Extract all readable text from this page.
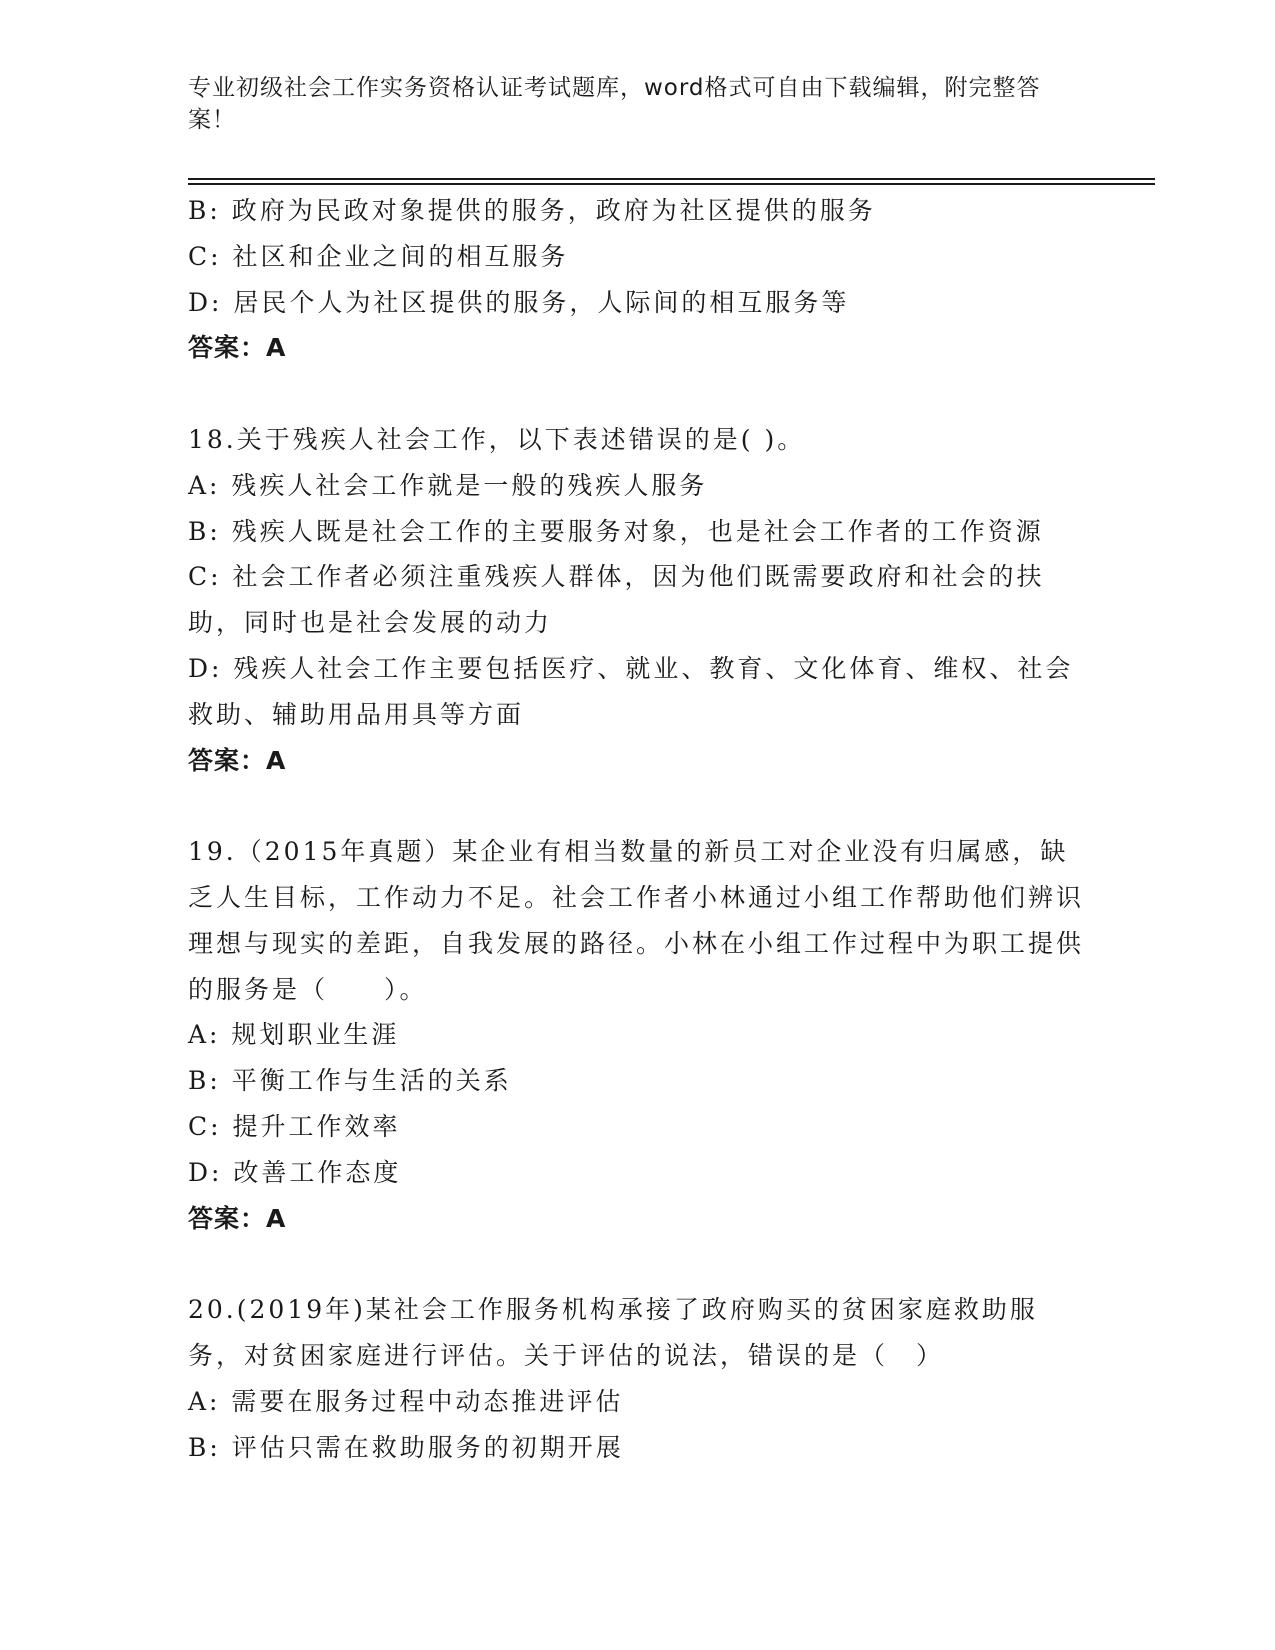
专业初级社会工作实务资格认证考试题库，word格式可自由下载编辑，附完整答案！

B: 政府为民政对象提供的服务，政府为社区提供的服务

C: 社区和企业之间的相互服务

D: 居民个人为社区提供的服务，人际间的相互服务等

答案：A

18.关于残疾人社会工作，以下表述错误的是( )。

A: 残疾人社会工作就是一般的残疾人服务

B: 残疾人既是社会工作的主要服务对象，也是社会工作者的工作资源

C: 社会工作者必须注重残疾人群体，因为他们既需要政府和社会的扶助，同时也是社会发展的动力

D: 残疾人社会工作主要包括医疗、就业、教育、文化体育、维权、社会救助、辅助用品用具等方面

答案：A

19.（2015年真题）某企业有相当数量的新员工对企业没有归属感，缺乏人生目标，工作动力不足。社会工作者小林通过小组工作帮助他们辨识理想与现实的差距，自我发展的路径。小林在小组工作过程中为职工提供的服务是（　　）。

A: 规划职业生涯

B: 平衡工作与生活的关系

C: 提升工作效率

D: 改善工作态度

答案：A

20.(2019年)某社会工作服务机构承接了政府购买的贫困家庭救助服务，对贫困家庭进行评估。关于评估的说法，错误的是（　）

A: 需要在服务过程中动态推进评估

B: 评估只需在救助服务的初期开展
